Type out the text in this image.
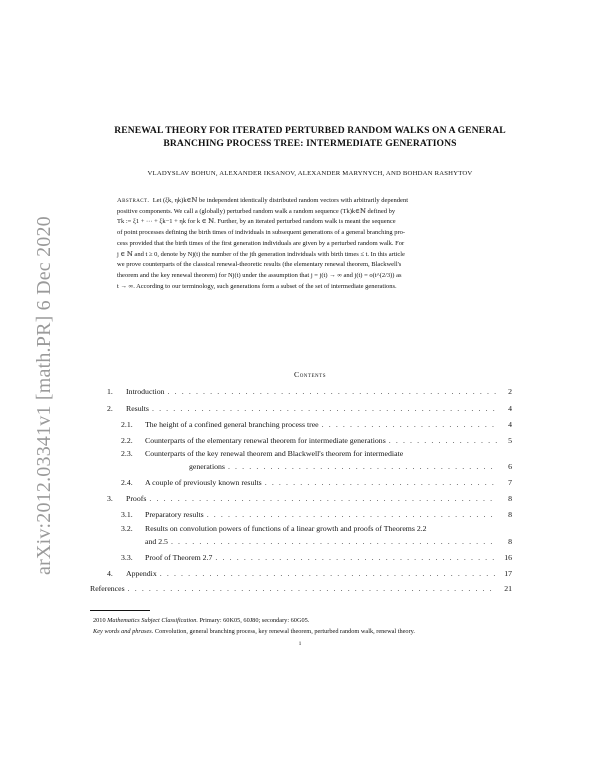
arXiv:2012.03341v1 [math.PR] 6 Dec 2020
RENEWAL THEORY FOR ITERATED PERTURBED RANDOM WALKS ON A GENERAL
BRANCHING PROCESS TREE: INTERMEDIATE GENERATIONS
VLADYSLAV BOHUN, ALEXANDER IKSANOV, ALEXANDER MARYNYCH, AND BOHDAN RASHYTOV
Abstract. Let (ξk, ηk)k∈ℕ be independent identically distributed random vectors with arbitrarily dependent
positive components. We call a (globally) perturbed random walk a random sequence (Tk)k∈ℕ defined by
Tk := ξ1 + ··· + ξk−1 + ηk for k ∈ ℕ. Further, by an iterated perturbed random walk is meant the sequence
of point processes defining the birth times of individuals in subsequent generations of a general branching pro-
cess provided that the birth times of the first generation individuals are given by a perturbed random walk. For
j ∈ ℕ and t ≥ 0, denote by Nj(t) the number of the jth generation individuals with birth times ≤ t. In this article
we prove counterparts of the classical renewal-theoretic results (the elementary renewal theorem, Blackwell's
theorem and the key renewal theorem) for Nj(t) under the assumption that j = j(t) → ∞ and j(t) = o(t^(2/3)) as
t → ∞. According to our terminology, such generations form a subset of the set of intermediate generations.
Contents
1.	Introduction . . .	2
2.	Results . . .	4
2.1.	The height of a confined general branching process tree . . .	4
2.2.	Counterparts of the elementary renewal theorem for intermediate generations . . .	5
2.3. Counterparts of the key renewal theorem and Blackwell's theorem for intermediate
generations . . .	6
2.4.	A couple of previously known results . . .	7
3.	Proofs . . .	8
3.1.	Preparatory results . . .	8
3.2. Results on convolution powers of functions of a linear growth and proofs of Theorems 2.2
and 2.5 . . .	8
3.3.	Proof of Theorem 2.7 . . .	16
4.	Appendix . . .	17
References . . .	21
2010 Mathematics Subject Classification. Primary: 60K05, 60J80; secondary: 60G05.
Key words and phrases. Convolution, general branching process, key renewal theorem, perturbed random walk, renewal theory.
1
